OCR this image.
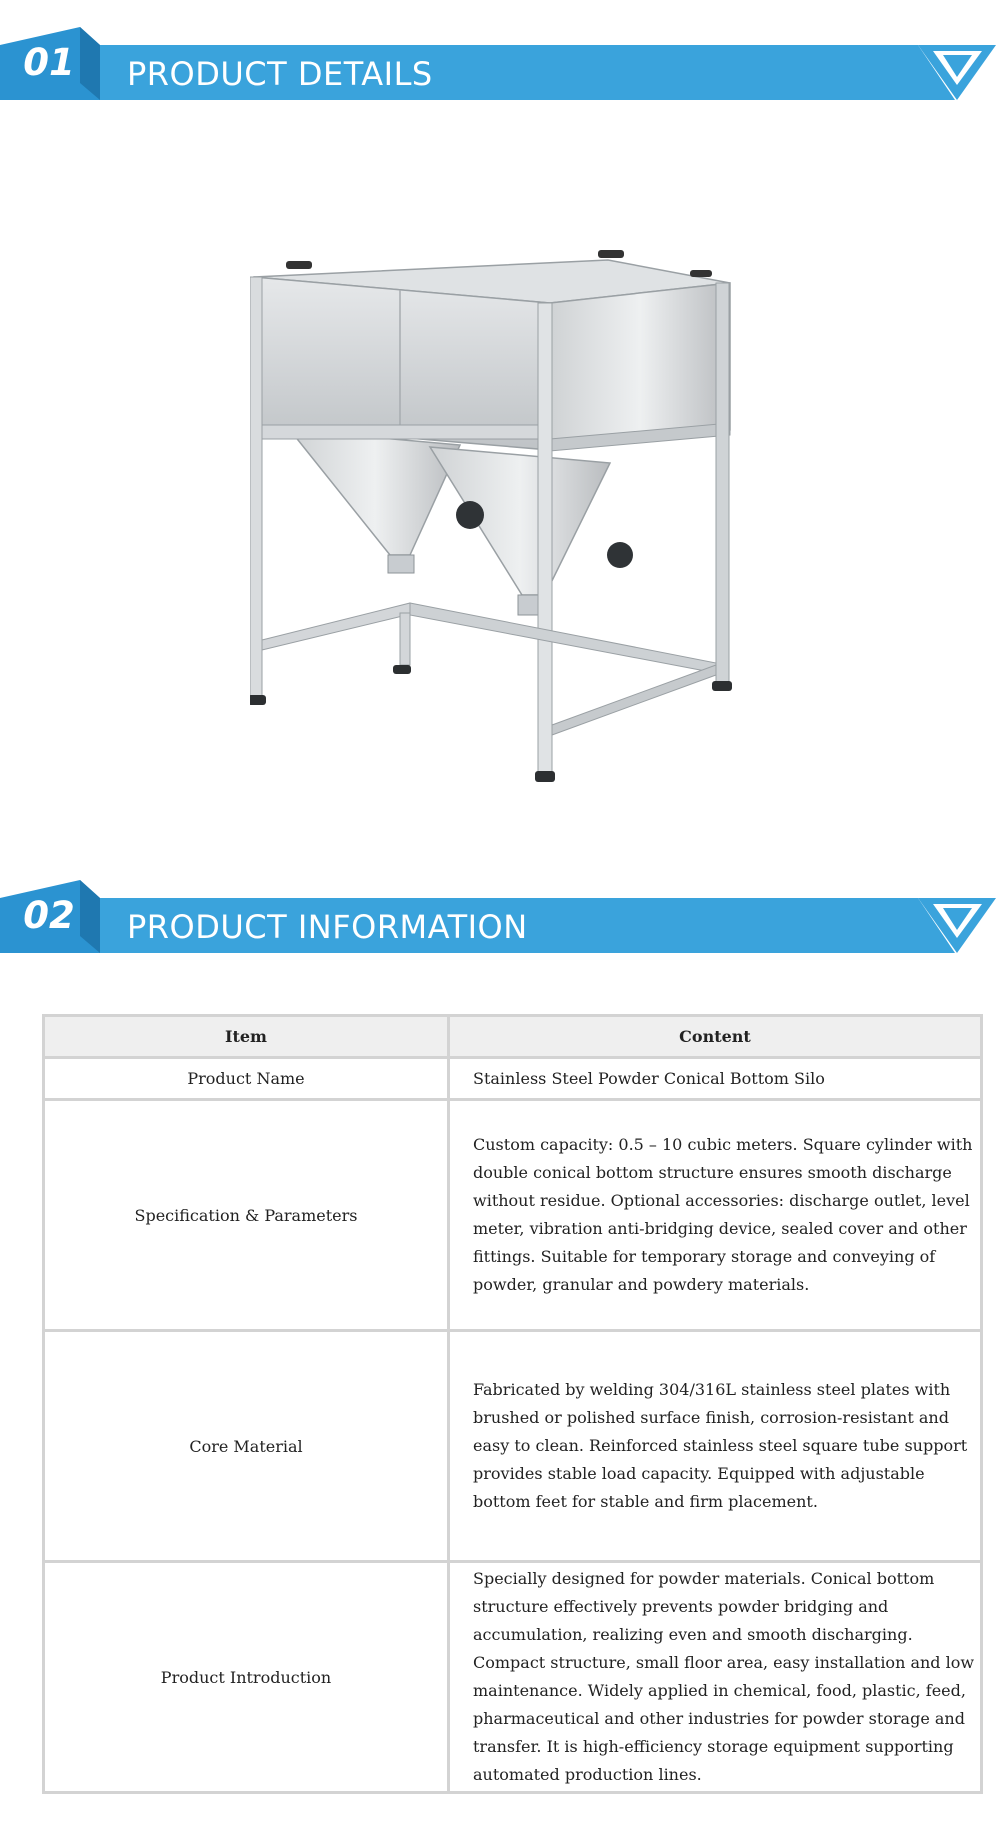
01 PRODUCT DETAILS
02 PRODUCT INFORMATION
Item	Content
Product Name	Stainless Steel Powder Conical Bottom Silo
Specification & Parameters	Custom capacity: 0.5 – 10 cubic meters. Square cylinder with double conical bottom structure ensures smooth discharge without residue. Optional accessories: discharge outlet, level meter, vibration anti-bridging device, sealed cover and other fittings. Suitable for temporary storage and conveying of powder, granular and powdery materials.
Core Material	Fabricated by welding 304/316L stainless steel plates with brushed or polished surface finish, corrosion-resistant and easy to clean. Reinforced stainless steel square tube support provides stable load capacity. Equipped with adjustable bottom feet for stable and firm placement.
Product Introduction	Specially designed for powder materials. Conical bottom structure effectively prevents powder bridging and accumulation, realizing even and smooth discharging. Compact structure, small floor area, easy installation and low maintenance. Widely applied in chemical, food, plastic, feed, pharmaceutical and other industries for powder storage and transfer. It is high-efficiency storage equipment supporting automated production lines.
